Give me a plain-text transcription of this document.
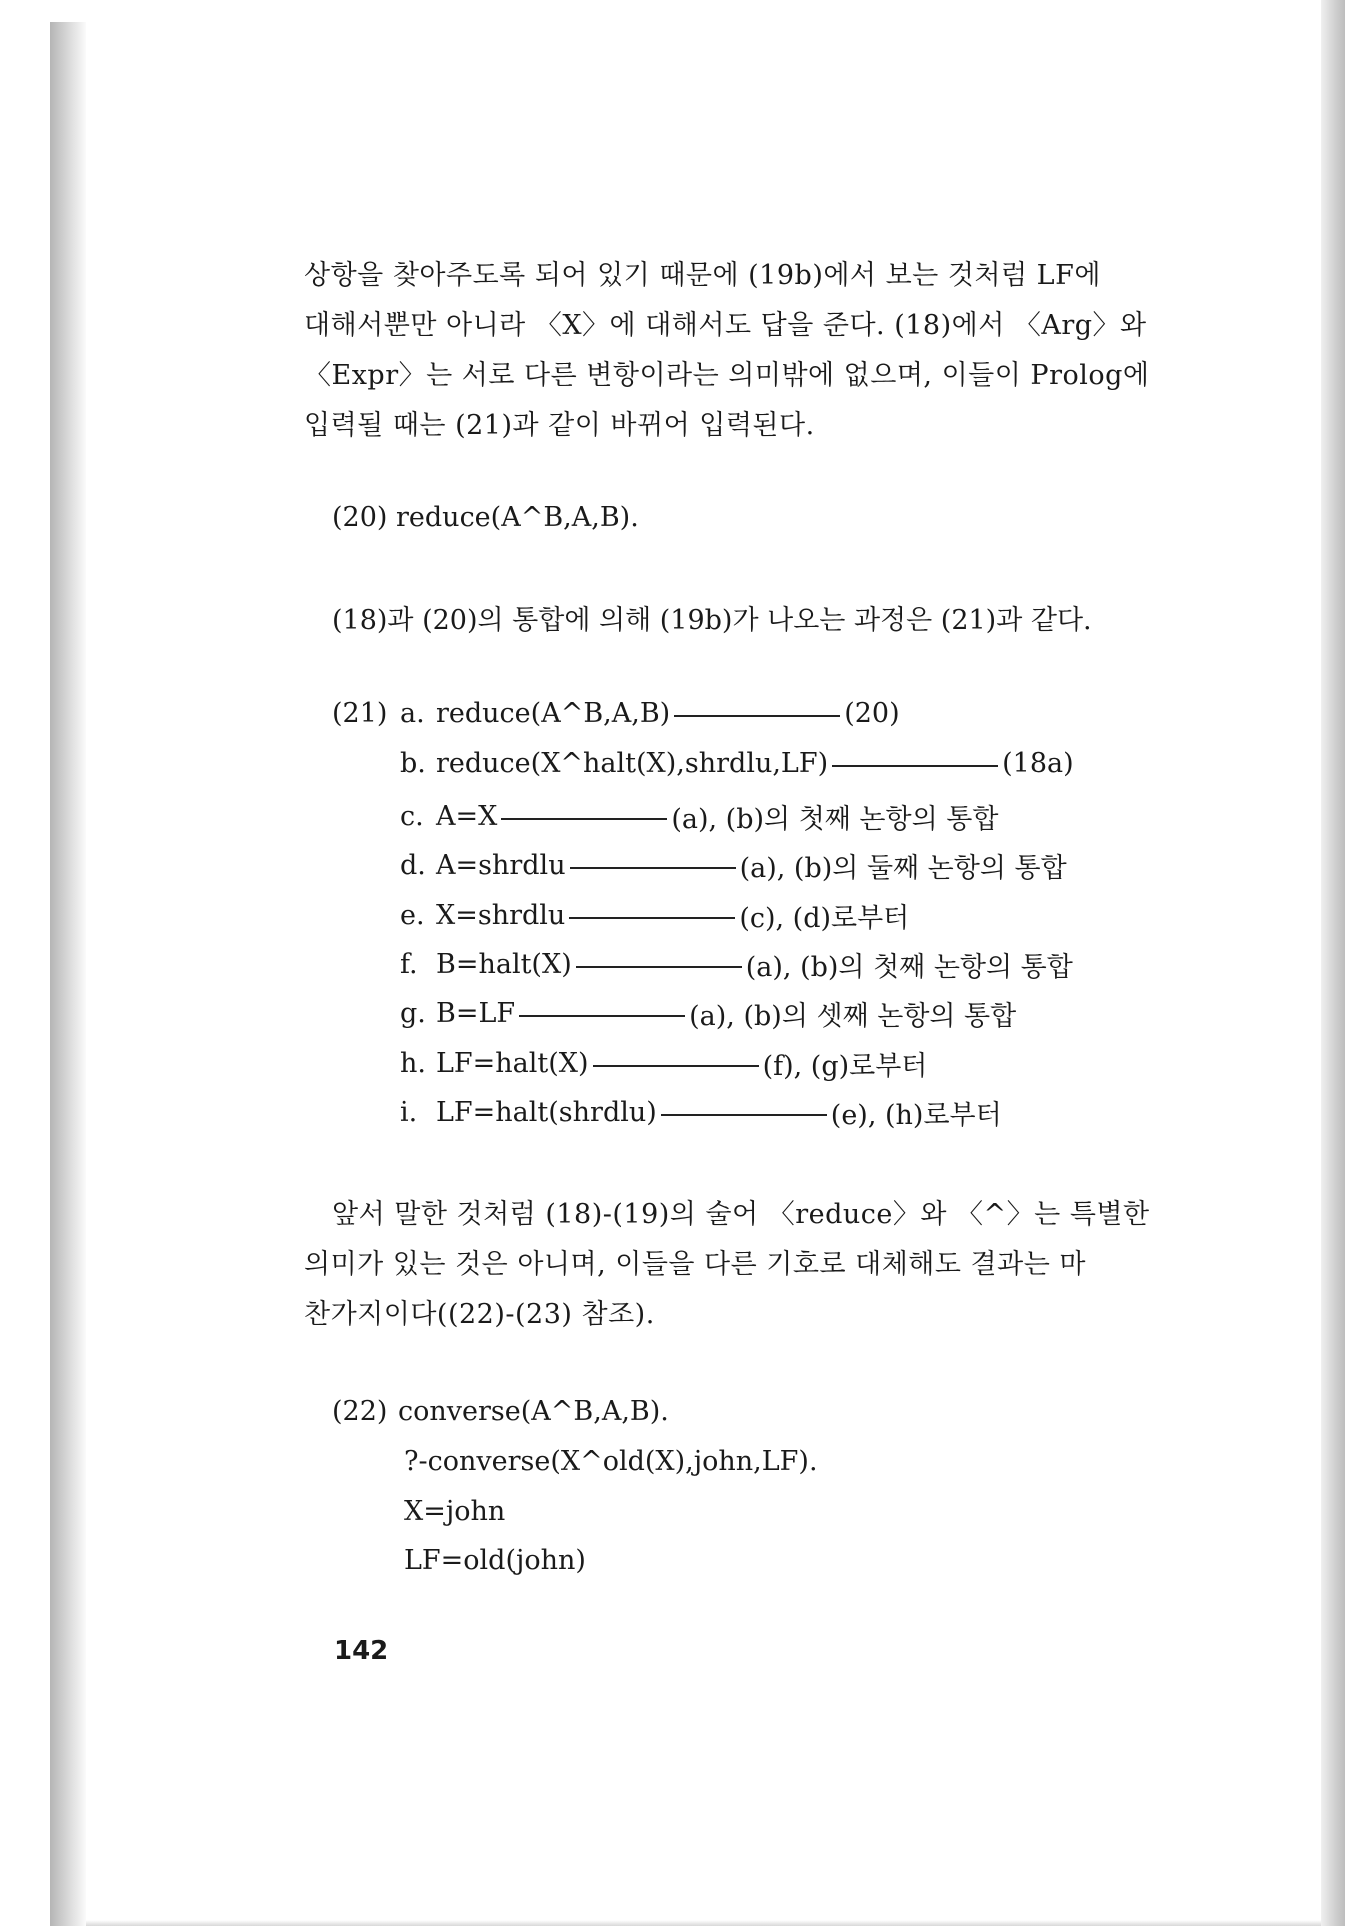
상항을 찾아주도록 되어 있기 때문에 (19b)에서 보는 것처럼 LF에
대해서뿐만 아니라 〈X〉에 대해서도 답을 준다. (18)에서 〈Arg〉와
〈Expr〉는 서로 다른 변항이라는 의미밖에 없으며, 이들이 Prolog에
입력될 때는 (21)과 같이 바뀌어 입력된다.
(20) reduce(A^B,A,B).
(18)과 (20)의 통합에 의해 (19b)가 나오는 과정은 (21)과 같다.
(21) a. reduce(A^B,A,B)	(20)
b. reduce(X^halt(X),shrdlu,LF)	(18a)
c. A=X	(a), (b)의 첫째 논항의 통합
d. A=shrdlu	(a), (b)의 둘째 논항의 통합
e. X=shrdlu	(c), (d)로부터
f. B=halt(X)	(a), (b)의 첫째 논항의 통합
g. B=LF	(a), (b)의 셋째 논항의 통합
h. LF=halt(X)	(f), (g)로부터
i. LF=halt(shrdlu)	(e), (h)로부터
앞서 말한 것처럼 (18)-(19)의 술어 〈reduce〉와 〈^〉는 특별한
의미가 있는 것은 아니며, 이들을 다른 기호로 대체해도 결과는 마
찬가지이다((22)-(23) 참조).
(22) converse(A^B,A,B).
?-converse(X^old(X),john,LF).
X=john
LF=old(john)
142
